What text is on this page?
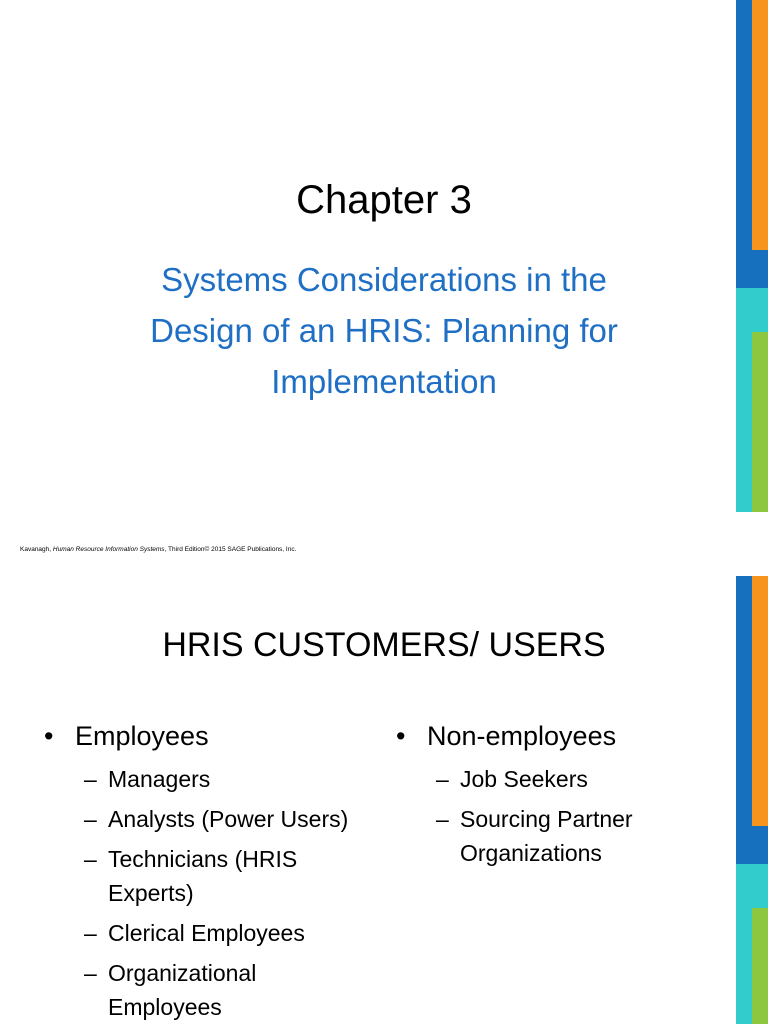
Chapter 3
Systems Considerations in the
Design of an HRIS: Planning for
Implementation
Kavanagh, Human Resource Information Systems, Third Edition© 2015 SAGE Publications, Inc.
HRIS CUSTOMERS/ USERS
• Employees
– Managers
– Analysts (Power Users)
– Technicians (HRIS Experts)
– Clerical Employees
– Organizational Employees
• Non-employees
– Job Seekers
– Sourcing Partner Organizations
